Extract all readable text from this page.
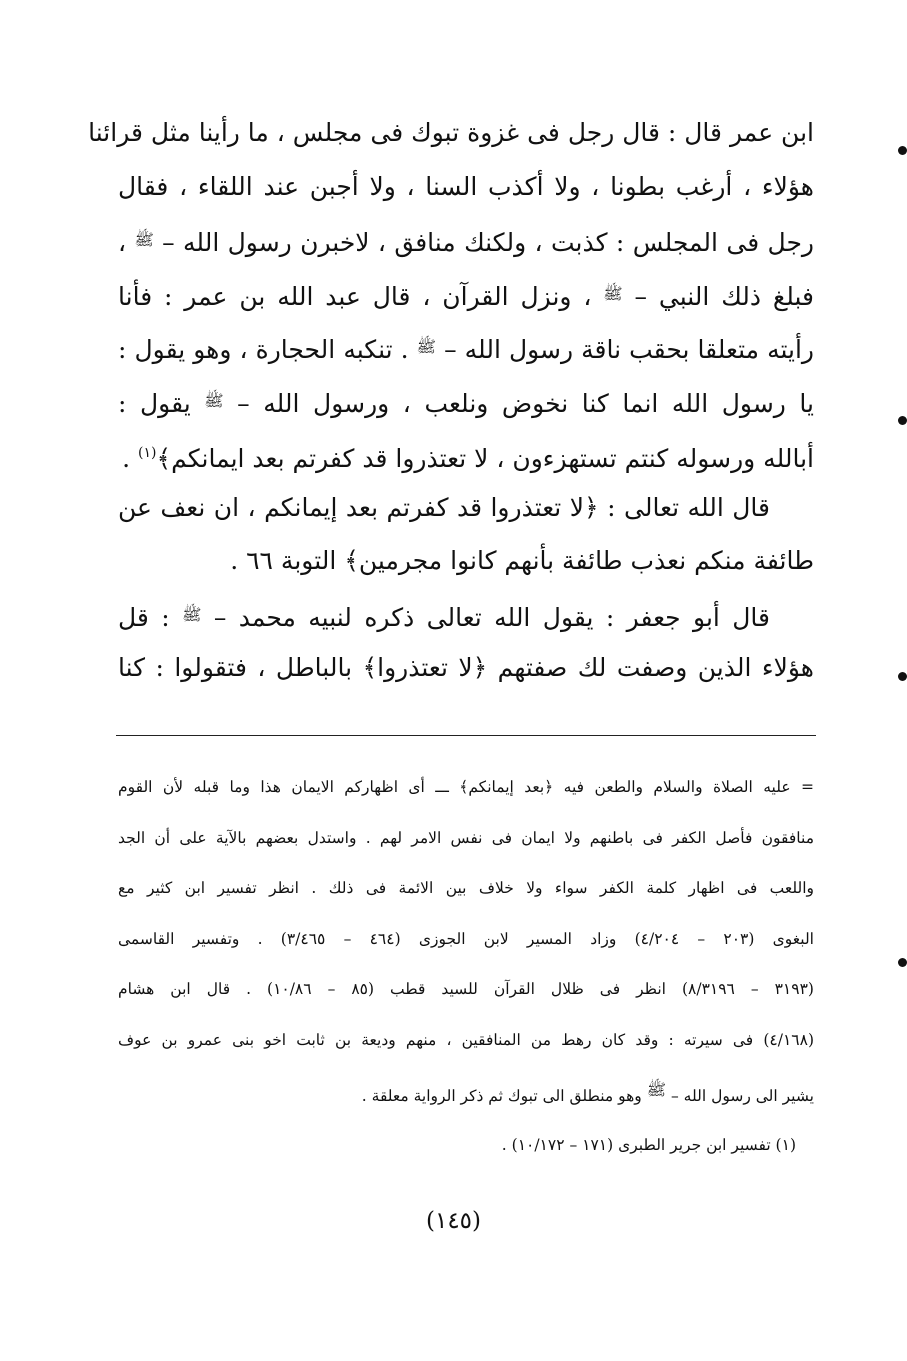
ابن عمر قال : قال رجل فى غزوة تبوك فى مجلس ، ما رأينا مثل قرائنا
هؤلاء ، أرغب بطونا ، ولا أكذب السنا ، ولا أجبن عند اللقاء ، فقال
رجل فى المجلس : كذبت ، ولكنك منافق ، لاخبرن رسول الله – $^ﷺ$ ،
فبلغ ذلك النبي – $^ﷺ$ ، ونزل القرآن ، قال عبد الله بن عمر : فأنا
رأيته متعلقا بحقب ناقة رسول الله – $^ﷺ$ . تنكبه الحجارة ، وهو يقول :
يا رسول الله انما كنا نخوض ونلعب ، ورسول الله – $^ﷺ$ يقول :
أبالله ورسوله كنتم تستهزءون ، لا تعتذروا قد كفرتم بعد ايمانكم﴾$^{(١)}$ .

قال الله تعالى : ﴿لا تعتذروا قد كفرتم بعد إيمانكم ، ان نعف عن
طائفة منكم نعذب طائفة بأنهم كانوا مجرمين﴾ التوبة ٦٦ .

قال أبو جعفر : يقول الله تعالى ذكره لنبيه محمد – $^ﷺ$ : قل
هؤلاء الذين وصفت لك صفتهم ﴿لا تعتذروا﴾ بالباطل ، فتقولوا : كنا

= عليه الصلاة والسلام والطعن فيه ﴿بعد إيمانكم﴾ ـــ أى اظهاركم الايمان هذا وما قبله لأن القوم
منافقون فأصل الكفر فى باطنهم ولا ايمان فى نفس الامر لهم . واستدل بعضهم بالآية على أن الجد
واللعب فى اظهار كلمة الكفر سواء ولا خلاف بين الائمة فى ذلك . انظر تفسير ابن كثير مع
البغوى (٢٠٣ – ٤/٢٠٤) وزاد المسير لابن الجوزى (٤٦٤ – ٣/٤٦٥) . وتفسير القاسمى
(٣١٩٣ – ٨/٣١٩٦) انظر فى ظلال القرآن للسيد قطب (٨٥ – ١٠/٨٦) . قال ابن هشام
(٤/١٦٨) فى سيرته : وقد كان رهط من المنافقين ، منهم وديعة بن ثابت اخو بنى عمرو بن عوف
يشير الى رسول الله – ﷺ وهو منطلق الى تبوك ثم ذكر الرواية معلقة .
(١) تفسير ابن جرير الطبرى (١٧١ – ١٠/١٧٢) .
(١٤٥)
